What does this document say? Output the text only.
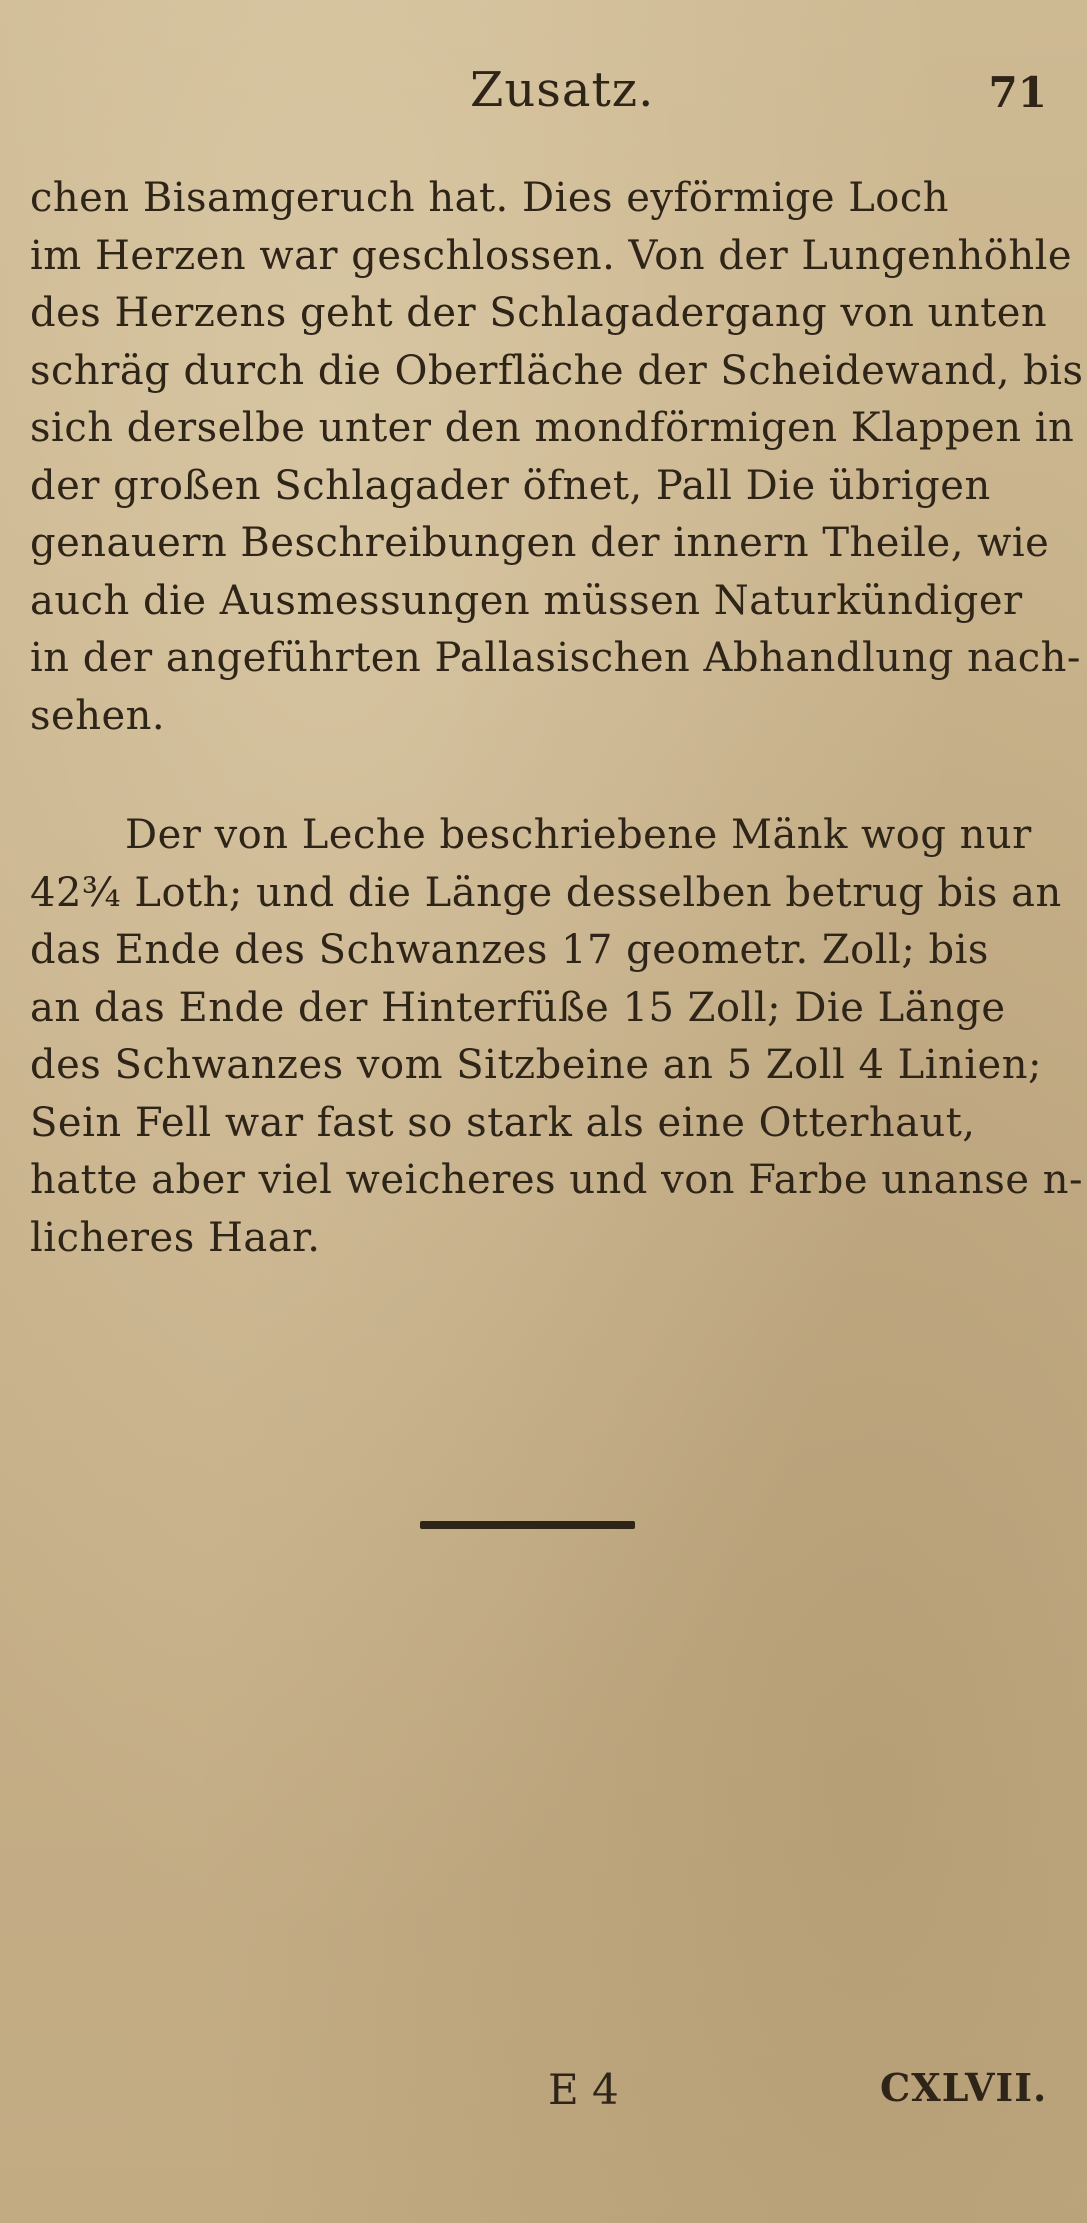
Zusatz.	71
chen Bisamgeruch hat. Dies eyförmige Loch
im Herzen war geschlossen. Von der Lungenhöhle
des Herzens geht der Schlagadergang von unten
schräg durch die Oberfläche der Scheidewand, bis
sich derselbe unter den mondförmigen Klappen in
der großen Schlagader öfnet, Pall Die übrigen
genauern Beschreibungen der innern Theile, wie
auch die Ausmessungen müssen Naturkündiger
in der angeführten Pallasischen Abhandlung nach-
sehen.
Der von Leche beschriebene Mänk wog nur
42¾ Loth; und die Länge desselben betrug bis an
das Ende des Schwanzes 17 geometr. Zoll; bis
an das Ende der Hinterfüße 15 Zoll; Die Länge
des Schwanzes vom Sitzbeine an 5 Zoll 4 Linien;
Sein Fell war fast so stark als eine Otterhaut,
hatte aber viel weicheres und von Farbe unanse n-
licheres Haar.
E 4	CXLVII.
